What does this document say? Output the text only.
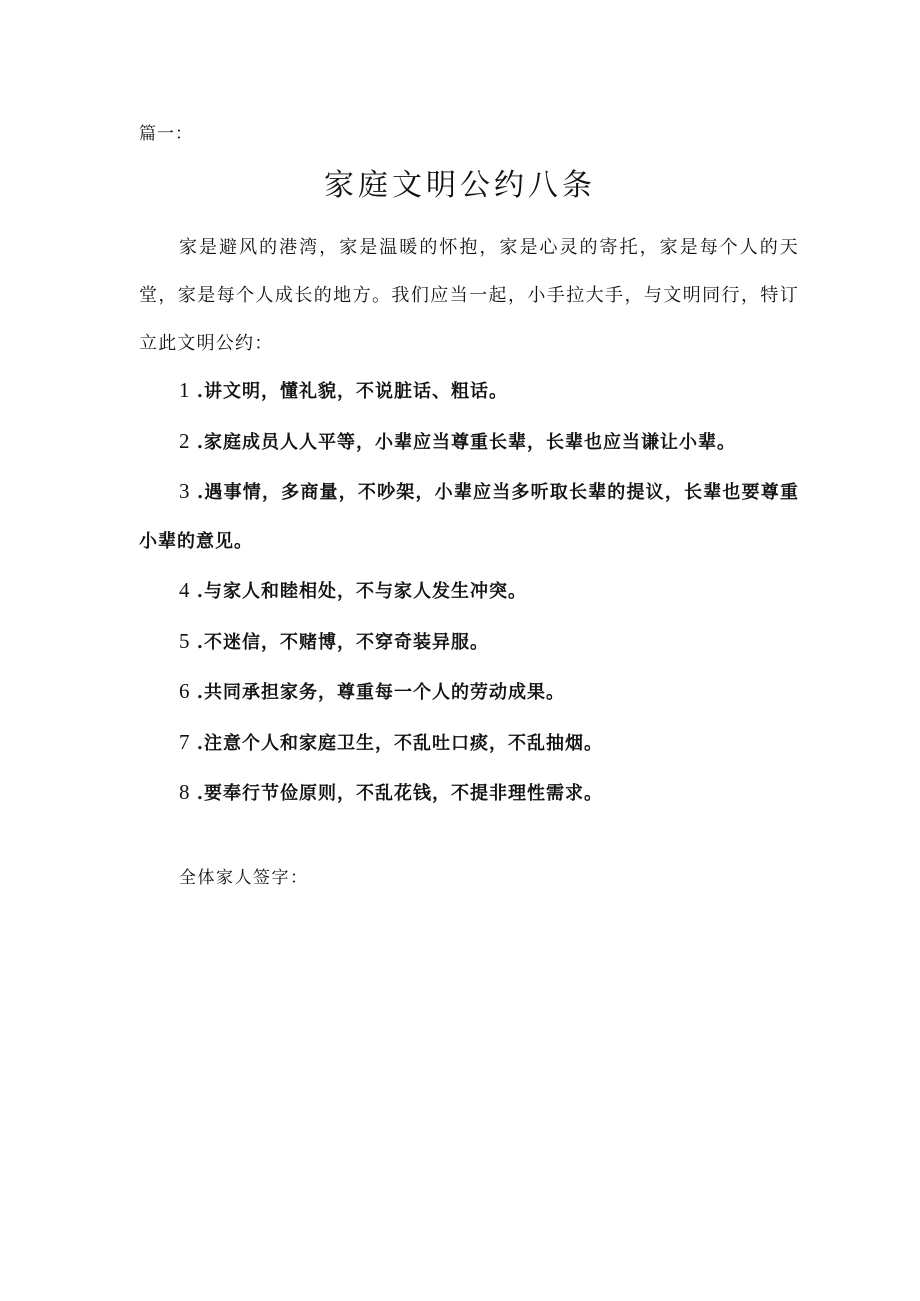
篇一：
家庭文明公约八条

家是避风的港湾，家是温暖的怀抱，家是心灵的寄托，家是每个人的天堂，家是每个人成长的地方。我们应当一起，小手拉大手，与文明同行，特订立此文明公约：

1 .讲文明，懂礼貌，不说脏话、粗话。
2 .家庭成员人人平等，小辈应当尊重长辈，长辈也应当谦让小辈。
3 .遇事情，多商量，不吵架，小辈应当多听取长辈的提议，长辈也要尊重小辈的意见。
4 .与家人和睦相处，不与家人发生冲突。
5 .不迷信，不赌博，不穿奇装异服。
6 .共同承担家务，尊重每一个人的劳动成果。
7 .注意个人和家庭卫生，不乱吐口痰，不乱抽烟。
8 .要奉行节俭原则，不乱花钱，不提非理性需求。
全体家人签字：
